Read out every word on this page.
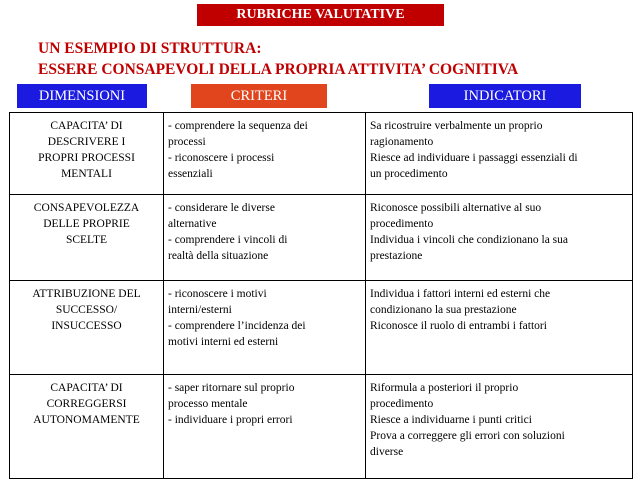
RUBRICHE VALUTATIVE
UN ESEMPIO DI STRUTTURA:
ESSERE CONSAPEVOLI DELLA PROPRIA ATTIVITA’ COGNITIVA
DIMENSIONI	CRITERI	INDICATORI
CAPACITA’ DI
DESCRIVERE I
PROPRI PROCESSI
MENTALI	- comprendere la sequenza dei
processi
- riconoscere i processi
essenziali	Sa ricostruire verbalmente un proprio
ragionamento
Riesce ad individuare i passaggi essenziali di
un procedimento

CONSAPEVOLEZZA
DELLE PROPRIE
SCELTE	- considerare le diverse
alternative
- comprendere i vincoli di
realtà della situazione	Riconosce possibili alternative al suo
procedimento
Individua i vincoli che condizionano la sua
prestazione

ATTRIBUZIONE DEL
SUCCESSO/
INSUCCESSO	- riconoscere i motivi
interni/esterni
- comprendere l’incidenza dei
motivi interni ed esterni	Individua i fattori interni ed esterni che
condizionano la sua prestazione
Riconosce il ruolo di entrambi i fattori

CAPACITA’ DI
CORREGGERSI
AUTONOMAMENTE	- saper ritornare sul proprio
processo mentale
- individuare i propri errori	Riformula a posteriori il proprio
procedimento
Riesce a individuarne i punti critici
Prova a correggere gli errori con soluzioni
diverse
